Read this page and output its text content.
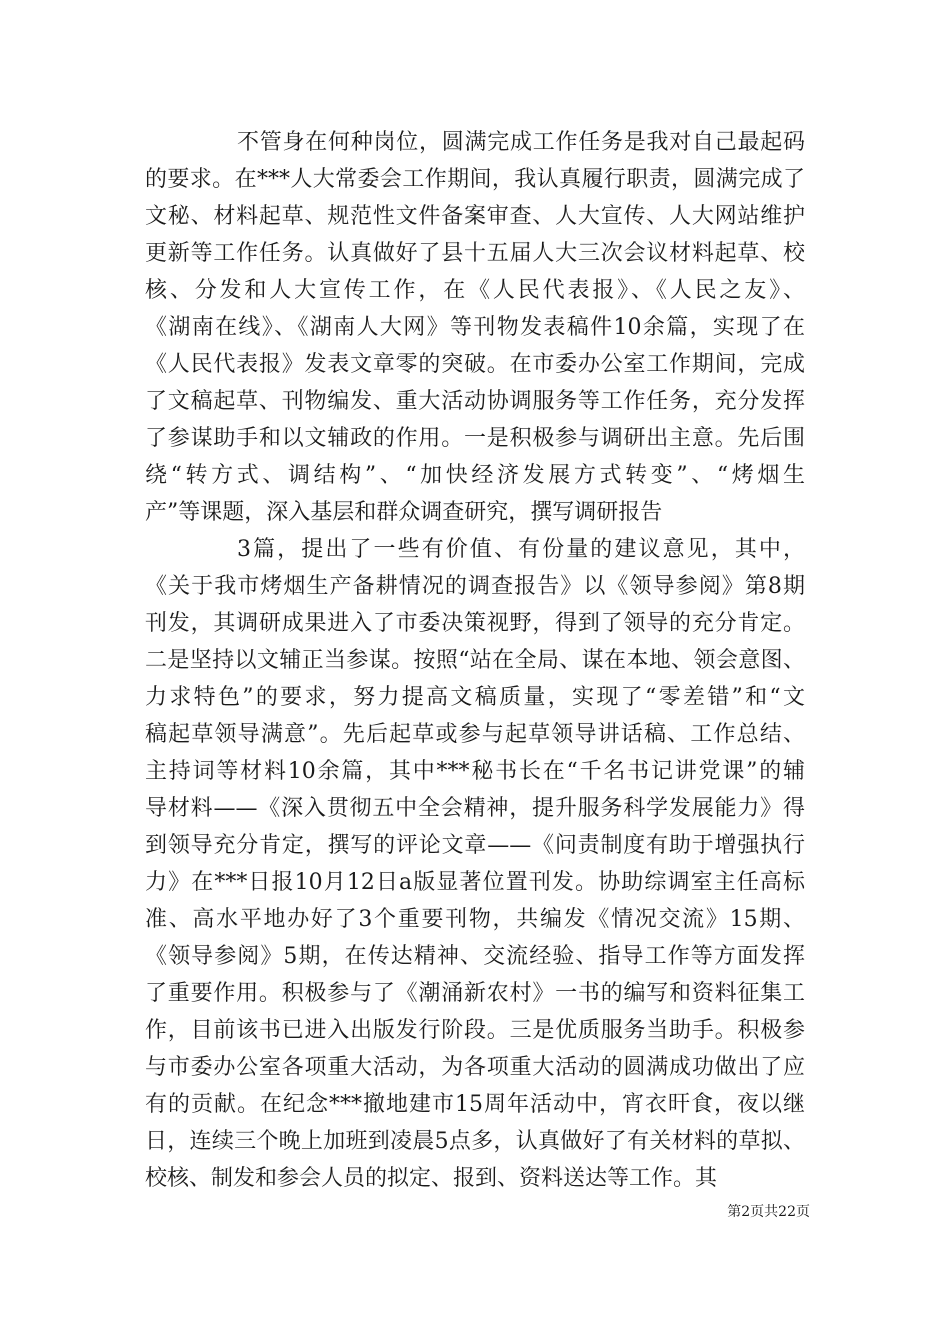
不管身在何种岗位，圆满完成工作任务是我对自己最起码
的要求。在***人大常委会工作期间，我认真履行职责，圆满完成了
文秘、材料起草、规范性文件备案审查、人大宣传、人大网站维护
更新等工作任务。认真做好了县十五届人大三次会议材料起草、校
核、分发和人大宣传工作，在《人民代表报》、《人民之友》、
《湖南在线》、《湖南人大网》等刊物发表稿件10余篇，实现了在
《人民代表报》发表文章零的突破。在市委办公室工作期间，完成
了文稿起草、刊物编发、重大活动协调服务等工作任务，充分发挥
了参谋助手和以文辅政的作用。一是积极参与调研出主意。先后围
绕“转方式、调结构”、“加快经济发展方式转变”、“烤烟生
产”等课题，深入基层和群众调查研究，撰写调研报告
3篇，提出了一些有价值、有份量的建议意见，其中，
《关于我市烤烟生产备耕情况的调查报告》以《领导参阅》第8期
刊发，其调研成果进入了市委决策视野，得到了领导的充分肯定。
二是坚持以文辅正当参谋。按照“站在全局、谋在本地、领会意图、
力求特色”的要求，努力提高文稿质量，实现了“零差错”和“文
稿起草领导满意”。先后起草或参与起草领导讲话稿、工作总结、
主持词等材料10余篇，其中***秘书长在“千名书记讲党课”的辅
导材料——《深入贯彻五中全会精神，提升服务科学发展能力》得
到领导充分肯定，撰写的评论文章——《问责制度有助于增强执行
力》在***日报10月12日a版显著位置刊发。协助综调室主任高标
准、高水平地办好了3个重要刊物，共编发《情况交流》15期、
《领导参阅》5期，在传达精神、交流经验、指导工作等方面发挥
了重要作用。积极参与了《潮涌新农村》一书的编写和资料征集工
作，目前该书已进入出版发行阶段。三是优质服务当助手。积极参
与市委办公室各项重大活动，为各项重大活动的圆满成功做出了应
有的贡献。在纪念***撤地建市15周年活动中，宵衣旰食，夜以继
日，连续三个晚上加班到凌晨5点多，认真做好了有关材料的草拟、
校核、制发和参会人员的拟定、报到、资料送达等工作。其
第2页共22页
